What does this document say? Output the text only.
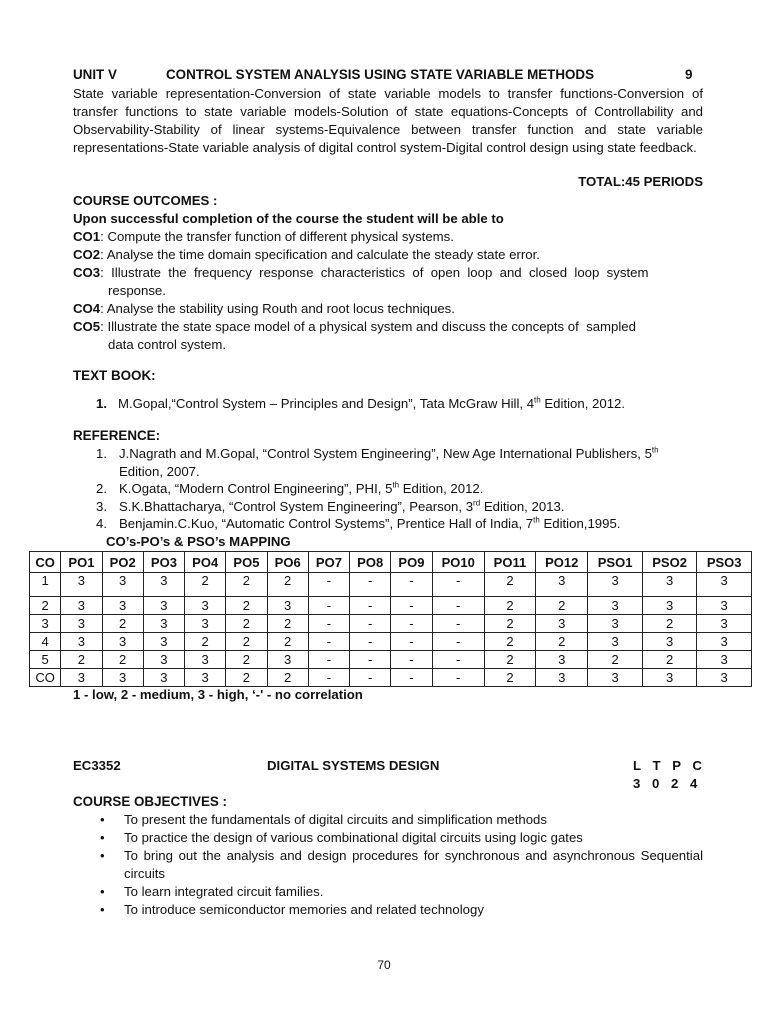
UNIT V	CONTROL SYSTEM ANALYSIS USING STATE VARIABLE METHODS	9
State variable representation-Conversion of state variable models to transfer functions-Conversion of transfer functions to state variable models-Solution of state equations-Concepts of Controllability and Observability-Stability of linear systems-Equivalence between transfer function and state variable representations-State variable analysis of digital control system-Digital control design using state feedback.
TOTAL:45 PERIODS
COURSE OUTCOMES :
Upon successful completion of the course the student will be able to
CO1: Compute the transfer function of different physical systems.
CO2: Analyse the time domain specification and calculate the steady state error.
CO3:  Illustrate  the  frequency  response  characteristics  of  open  loop  and  closed  loop  system
response.
CO4: Analyse the stability using Routh and root locus techniques.
CO5: Illustrate the state space model of a physical system and discuss the concepts of  sampled
data control system.
TEXT BOOK:
1. M.Gopal,“Control System – Principles and Design”, Tata McGraw Hill, 4th Edition, 2012.
REFERENCE:
1. J.Nagrath and M.Gopal, “Control System Engineering”, New Age International Publishers, 5th Edition, 2007.
2. K.Ogata, “Modern Control Engineering”, PHI, 5th Edition, 2012.
3. S.K.Bhattacharya, “Control System Engineering”, Pearson, 3rd Edition, 2013.
4. Benjamin.C.Kuo, “Automatic Control Systems”, Prentice Hall of India, 7th Edition,1995.
CO’s-PO’s & PSO’s MAPPING
CO	PO1	PO2	PO3	PO4	PO5	PO6	PO7	PO8	PO9	PO10	PO11	PO12	PSO1	PSO2	PSO3
1	3	3	3	2	2	2	-	-	-	-	2	3	3	3	3
2	3	3	3	3	2	3	-	-	-	-	2	2	3	3	3
3	3	2	3	3	2	2	-	-	-	-	2	3	3	2	3
4	3	3	3	2	2	2	-	-	-	-	2	2	3	3	3
5	2	2	3	3	2	3	-	-	-	-	2	3	2	2	3
CO	3	3	3	3	2	2	-	-	-	-	2	3	3	3	3
1 - low, 2 - medium, 3 - high, ‘-' - no correlation
EC3352	DIGITAL SYSTEMS DESIGN	L T P C
3 0 2 4
COURSE OBJECTIVES :
• To present the fundamentals of digital circuits and simplification methods
• To practice the design of various combinational digital circuits using logic gates
• To bring out the analysis and design procedures for synchronous and asynchronous Sequential circuits
• To learn integrated circuit families.
• To introduce semiconductor memories and related technology
70
